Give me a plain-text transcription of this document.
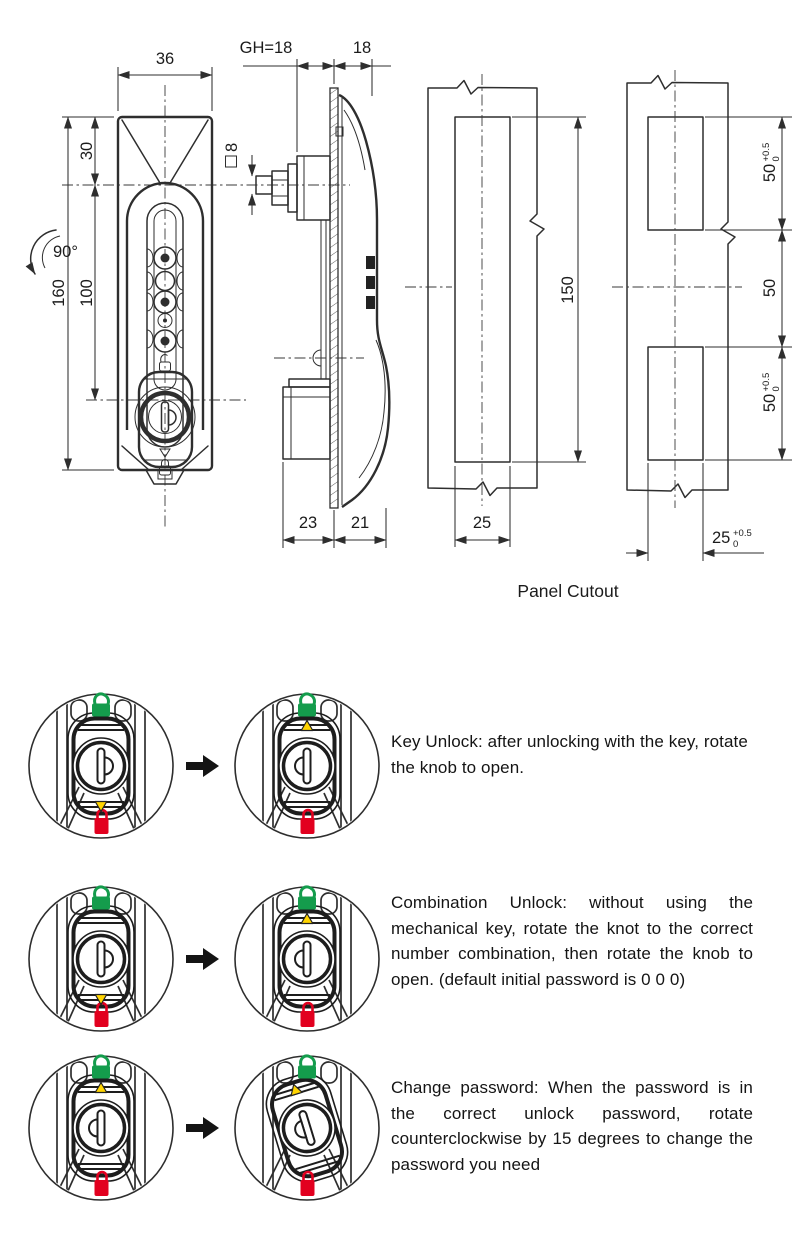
36
160
30
100
90°
GH=18	18
8
23 21
150
25
50
+0.5 0
50
50
+0.5 0
25 +0.5
0
Panel Cutout

Key Unlock: after unlocking with the key, rotate the knob to open.

Combination Unlock: without using the mechanical key, rotate the knot to the correct number combination, then rotate the knob to open. (default initial password is 0 0 0)

Change password: When the password is in the correct unlock password, rotate counterclockwise by 15 degrees to change the password you need
